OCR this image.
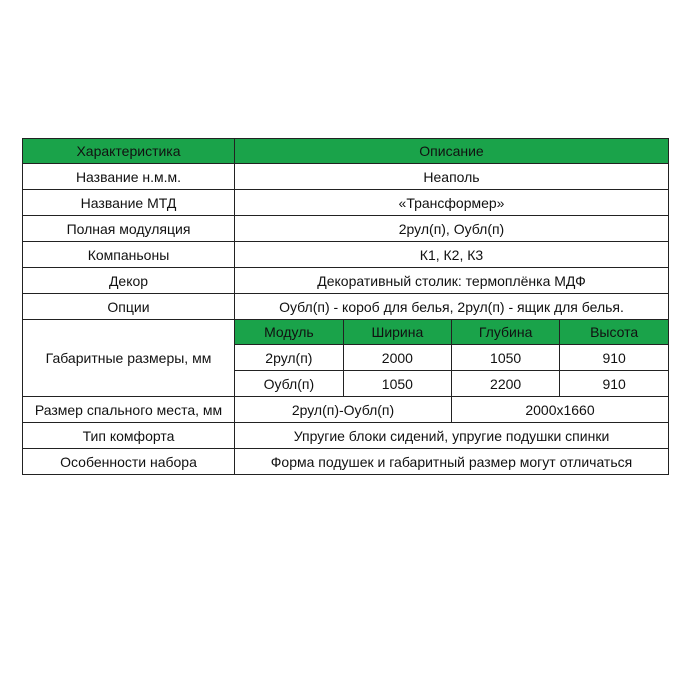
Характеристика	Описание
Название н.м.м.	Неаполь
Название МТД	«Трансформер»
Полная модуляция	2рул(п), Оубл(п)
Компаньоны	К1, К2, К3
Декор	Декоративный столик: термоплёнка МДФ
Опции	Оубл(п) - короб для белья, 2рул(п) - ящик для белья.
Габаритные размеры, мм	
Модуль	Ширина	Глубина	Высота
2рул(п)	2000	1050	910
Оубл(п)	1050	2200	910

Размер спального места, мм	2рул(п)-Оубл(п)	2000x1660

Тип комфорта	Упругие блоки сидений, упругие подушки спинки
Особенности набора	Форма подушек и габаритный размер могут отличаться
